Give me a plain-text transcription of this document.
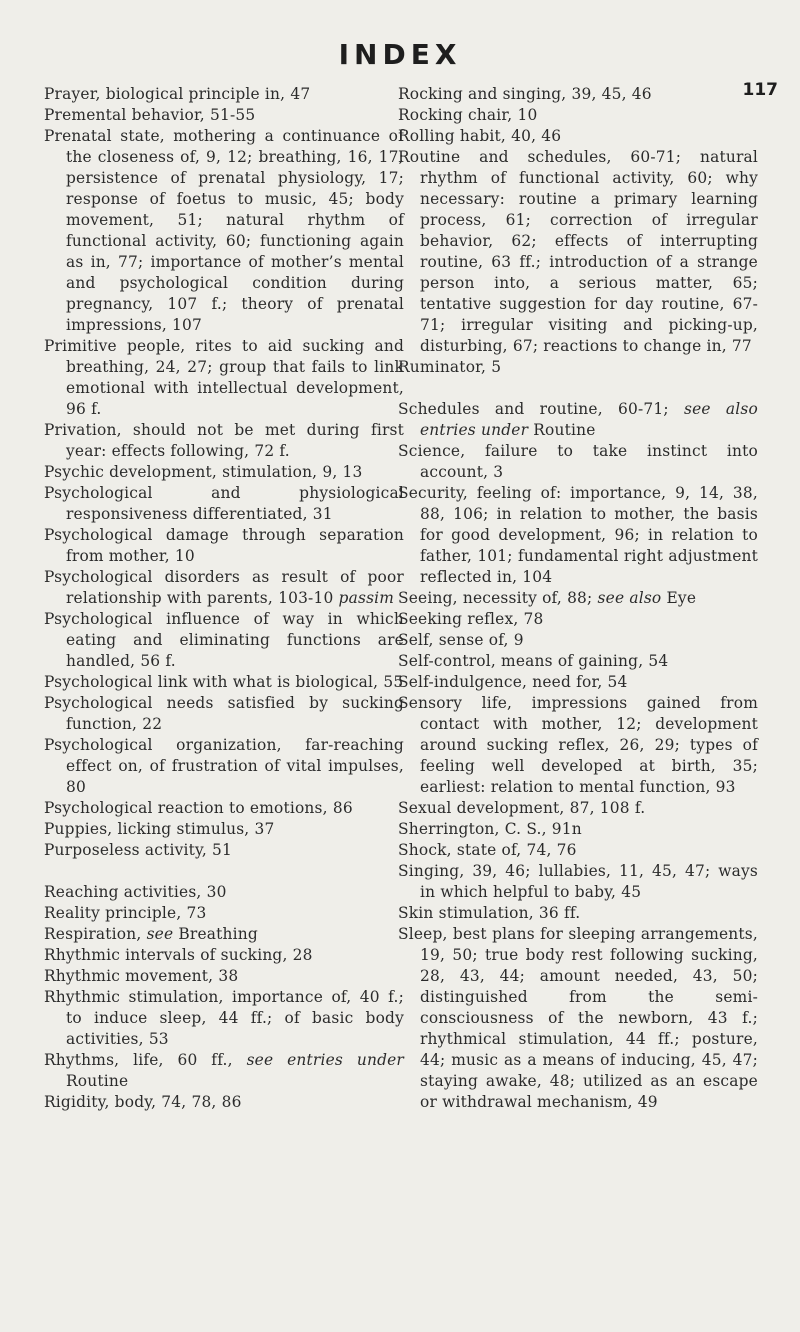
INDEX
117

Prayer, biological principle in, 47

Premental behavior, 51-55

Prenatal state, mothering a continuance of the closeness of, 9, 12; breathing, 16, 17; persistence of prenatal physiology, 17; response of foetus to music, 45; body movement, 51; natural rhythm of functional activity, 60; functioning again as in, 77; importance of mother’s mental and psychological condition during pregnancy, 107 f.; theory of prenatal impressions, 107

Primitive people, rites to aid sucking and breathing, 24, 27; group that fails to link emotional with intellectual development, 96 f.

Privation, should not be met during first year: effects following, 72 f.

Psychic development, stimulation, 9, 13

Psychological and physiological responsiveness differentiated, 31

Psychological damage through separation from mother, 10

Psychological disorders as result of poor relationship with parents, 103-10 passim

Psychological influence of way in which eating and eliminating functions are handled, 56 f.

Psychological link with what is biological, 55

Psychological needs satisfied by sucking function, 22

Psychological organization, far-reaching effect on, of frustration of vital impulses, 80

Psychological reaction to emotions, 86

Puppies, licking stimulus, 37

Purposeless activity, 51

Reaching activities, 30

Reality principle, 73

Respiration, see Breathing

Rhythmic intervals of sucking, 28

Rhythmic movement, 38

Rhythmic stimulation, importance of, 40 f.; to induce sleep, 44 ff.; of basic body activities, 53

Rhythms, life, 60 ff., see entries under Routine

Rigidity, body, 74, 78, 86

Rocking and singing, 39, 45, 46

Rocking chair, 10

Rolling habit, 40, 46

Routine and schedules, 60-71; natural rhythm of functional activity, 60; why necessary: routine a primary learning process, 61; correction of irregular behavior, 62; effects of interrupting routine, 63 ff.; introduction of a strange person into, a serious matter, 65; tentative suggestion for day routine, 67-71; irregular visiting and picking-up, disturbing, 67; reactions to change in, 77

Ruminator, 5

Schedules and routine, 60-71; see also entries under Routine

Science, failure to take instinct into account, 3

Security, feeling of: importance, 9, 14, 38, 88, 106; in relation to mother, the basis for good development, 96; in relation to father, 101; fundamental right adjustment reflected in, 104

Seeing, necessity of, 88; see also Eye

Seeking reflex, 78

Self, sense of, 9

Self-control, means of gaining, 54

Self-indulgence, need for, 54

Sensory life, impressions gained from contact with mother, 12; development around sucking reflex, 26, 29; types of feeling well developed at birth, 35; earliest: relation to mental function, 93

Sexual development, 87, 108 f.

Sherrington, C. S., 91n

Shock, state of, 74, 76

Singing, 39, 46; lullabies, 11, 45, 47; ways in which helpful to baby, 45

Skin stimulation, 36 ff.

Sleep, best plans for sleeping arrangements, 19, 50; true body rest following sucking, 28, 43, 44; amount needed, 43, 50; distinguished from the semi-consciousness of the newborn, 43 f.; rhythmical stimulation, 44 ff.; posture, 44; music as a means of inducing, 45, 47; staying awake, 48; utilized as an escape or withdrawal mechanism, 49
